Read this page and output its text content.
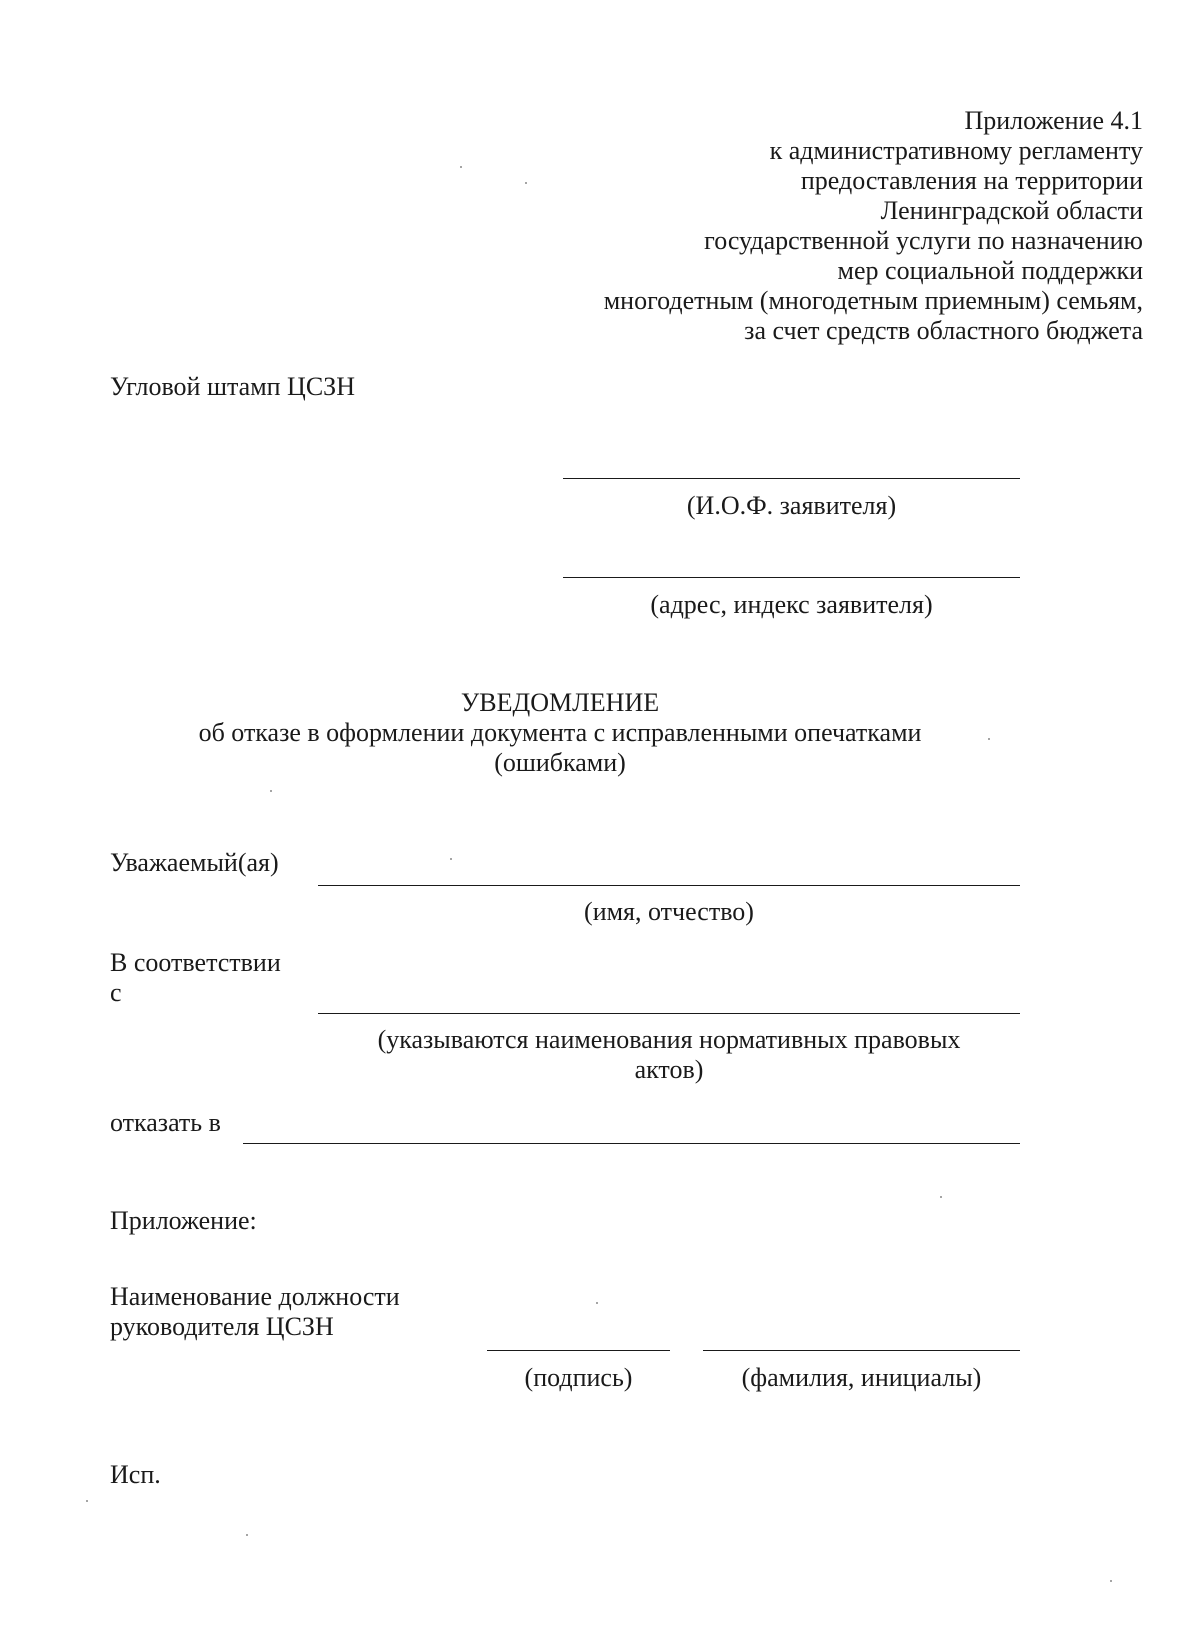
Приложение 4.1
к административному регламенту
предоставления на территории
Ленинградской области
государственной услуги по назначению
мер социальной поддержки
многодетным (многодетным приемным) семьям,
за счет средств областного бюджета
Угловой штамп ЦСЗН
(И.О.Ф. заявителя)
(адрес, индекс заявителя)
УВЕДОМЛЕНИЕ
об отказе в оформлении документа с исправленными опечатками
(ошибками)
Уважаемый(ая)
(имя, отчество)
В соответствии
с
(указываются наименования нормативных правовых
актов)
отказать в
Приложение:
Наименование должности
руководителя ЦСЗН
(подпись)	(фамилия, инициалы)
Исп.
